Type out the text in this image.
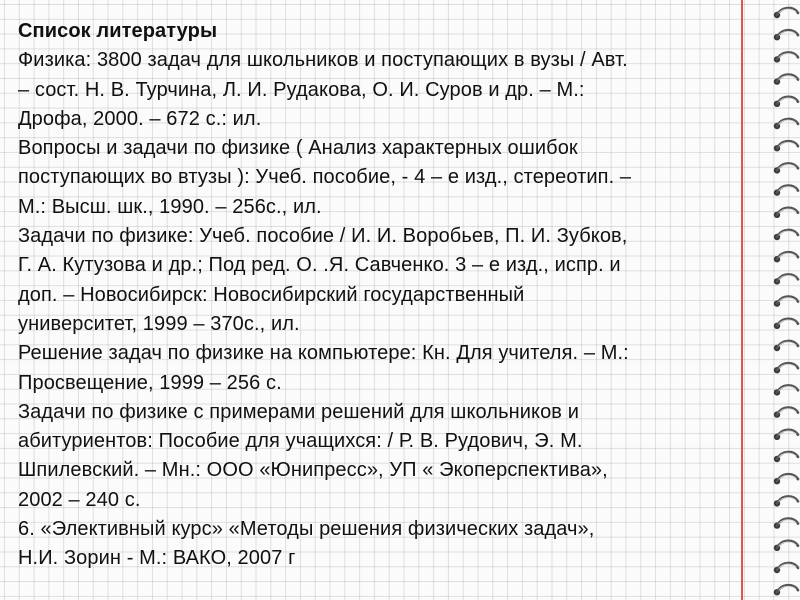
Список литературы

Физика: 3800 задач для школьников и поступающих в вузы / Авт.
– сост. Н. В. Турчина, Л. И. Рудакова, О. И. Суров и др. – М.:
Дрофа, 2000. – 672 с.: ил.

Вопросы и задачи по физике ( Анализ характерных ошибок
поступающих во втузы ): Учеб. пособие, - 4 – е изд., стереотип. –
М.: Высш. шк., 1990. – 256с., ил.

Задачи по физике: Учеб. пособие / И. И. Воробьев, П. И. Зубков,
Г. А. Кутузова и др.; Под ред. О. .Я. Савченко. 3 – е изд., испр. и
доп. – Новосибирск: Новосибирский государственный
университет, 1999 – 370с., ил.

Решение задач по физике на компьютере: Кн. Для учителя. – М.:
Просвещение, 1999 – 256 с.

Задачи по физике с примерами решений для школьников и
абитуриентов: Пособие для учащихся: / Р. В. Рудович, Э. М.
Шпилевский. – Мн.: ООО «Юнипресс», УП « Экоперспектива»,
2002 – 240 с.

6. «Элективный курс» «Методы решения физических задач»,
Н.И. Зорин - М.: ВАКО, 2007 г
